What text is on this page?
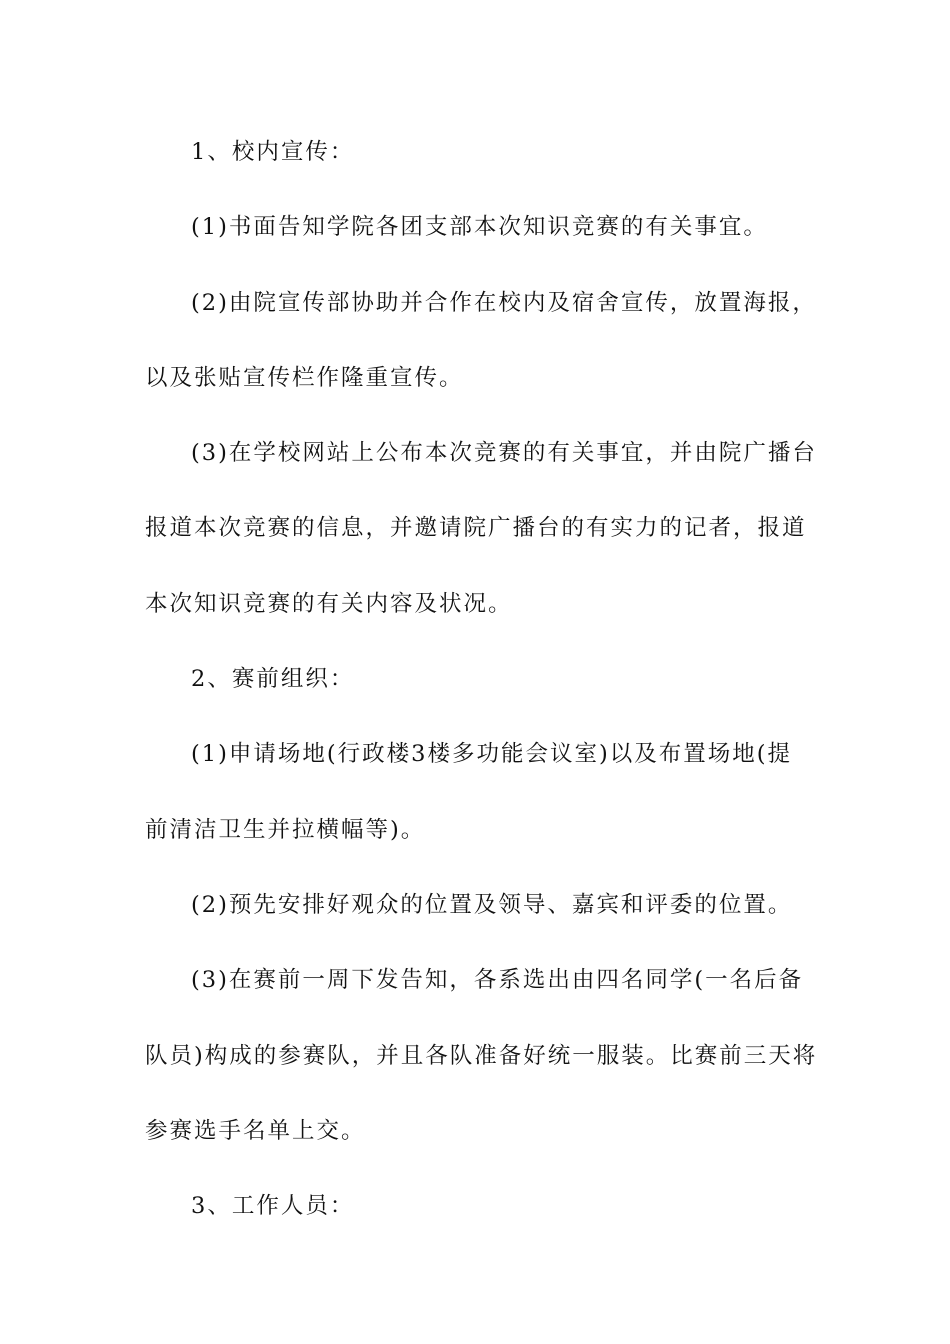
1、校内宣传：
(1)书面告知学院各团支部本次知识竞赛的有关事宜。
(2)由院宣传部协助并合作在校内及宿舍宣传，放置海报，
以及张贴宣传栏作隆重宣传。
(3)在学校网站上公布本次竞赛的有关事宜，并由院广播台
报道本次竞赛的信息，并邀请院广播台的有实力的记者，报道
本次知识竞赛的有关内容及状况。
2、赛前组织：
(1)申请场地(行政楼3楼多功能会议室)以及布置场地(提
前清洁卫生并拉横幅等)。
(2)预先安排好观众的位置及领导、嘉宾和评委的位置。
(3)在赛前一周下发告知，各系选出由四名同学(一名后备
队员)构成的参赛队，并且各队准备好统一服装。比赛前三天将
参赛选手名单上交。
3、工作人员：
